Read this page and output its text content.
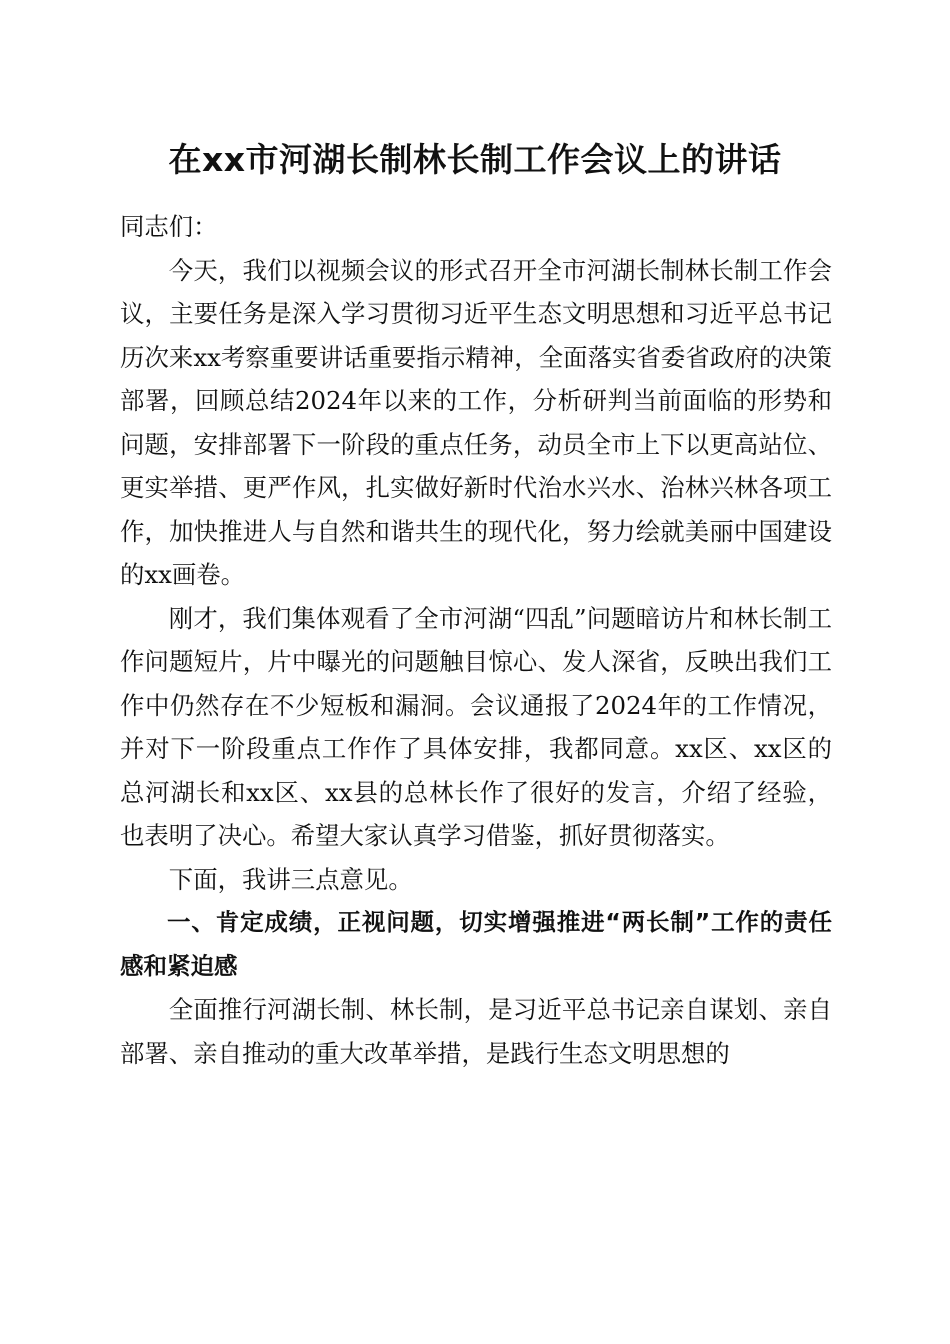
在xx市河湖长制林长制工作会议上的讲话

同志们：

今天，我们以视频会议的形式召开全市河湖长制林长制工作会议，主要任务是深入学习贯彻习近平生态文明思想和习近平总书记历次来xx考察重要讲话重要指示精神，全面落实省委省政府的决策部署，回顾总结2024年以来的工作，分析研判当前面临的形势和问题，安排部署下一阶段的重点任务，动员全市上下以更高站位、更实举措、更严作风，扎实做好新时代治水兴水、治林兴林各项工作，加快推进人与自然和谐共生的现代化，努力绘就美丽中国建设的xx画卷。

刚才，我们集体观看了全市河湖“四乱”问题暗访片和林长制工作问题短片，片中曝光的问题触目惊心、发人深省，反映出我们工作中仍然存在不少短板和漏洞。会议通报了2024年的工作情况，并对下一阶段重点工作作了具体安排，我都同意。xx区、xx区的总河湖长和xx区、xx县的总林长作了很好的发言，介绍了经验，也表明了决心。希望大家认真学习借鉴，抓好贯彻落实。

下面，我讲三点意见。

一、肯定成绩，正视问题，切实增强推进“两长制”工作的责任感和紧迫感

全面推行河湖长制、林长制，是习近平总书记亲自谋划、亲自部署、亲自推动的重大改革举措，是践行生态文明思想的
